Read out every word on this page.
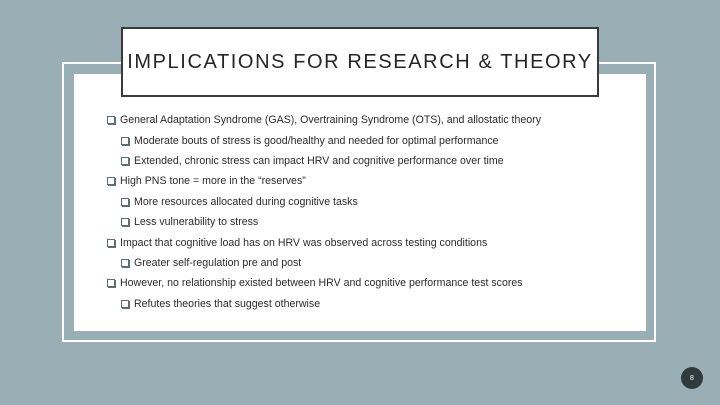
IMPLICATIONS FOR RESEARCH & THEORY
General Adaptation Syndrome (GAS), Overtraining Syndrome (OTS), and allostatic theory
Moderate bouts of stress is good/healthy and needed for optimal performance
Extended, chronic stress can impact HRV and cognitive performance over time
High PNS tone = more in the “reserves”
More resources allocated during cognitive tasks
Less vulnerability to stress
Impact that cognitive load has on HRV was observed across testing conditions
Greater self-regulation pre and post
However, no relationship existed between HRV and cognitive performance test scores
Refutes theories that suggest otherwise
8
